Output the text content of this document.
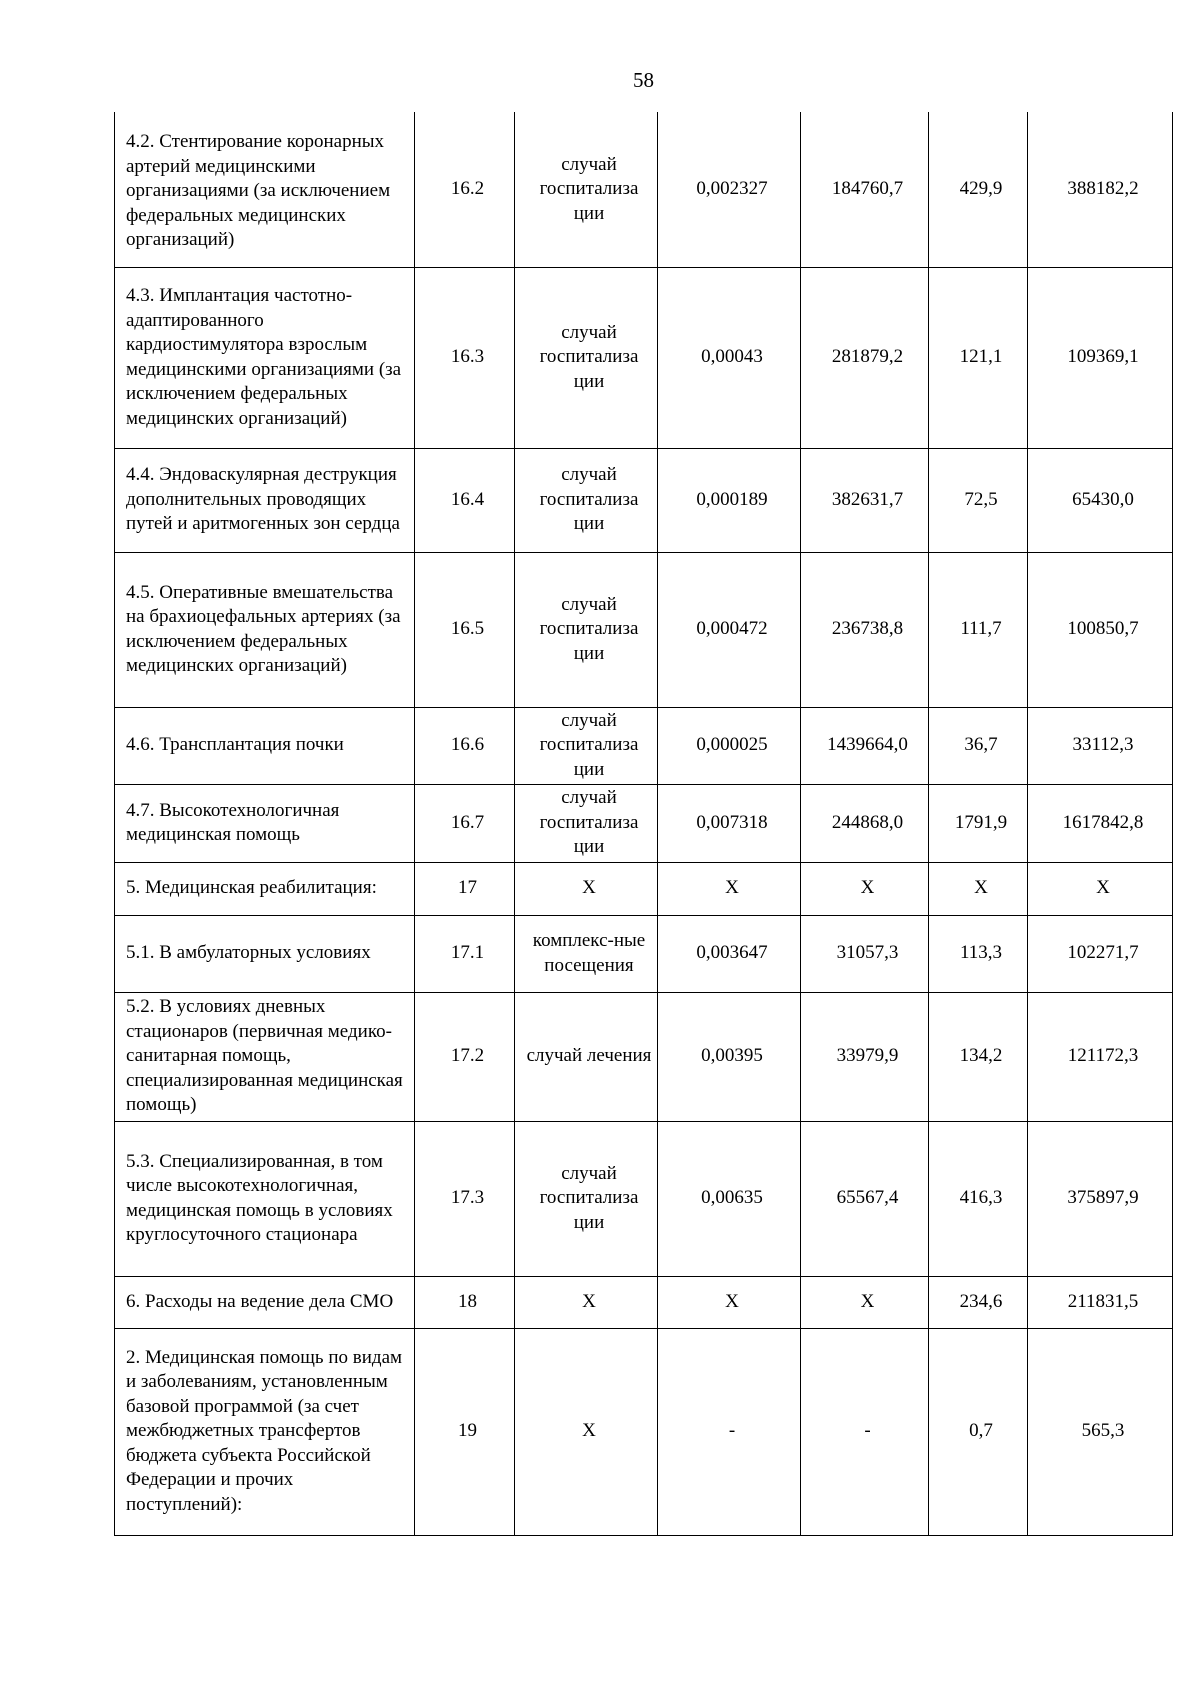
58
4.2. Стентирование коронарных артерий медицинскими организациями (за исключением федеральных медицинских организаций)	16.2	случай госпитализа ции	0,002327	184760,7	429,9	388182,2
4.3. Имплантация частотно-адаптированного кардиостимулятора взрослым медицинскими организациями (за исключением федеральных медицинских организаций)	16.3	случай госпитализа ции	0,00043	281879,2	121,1	109369,1
4.4. Эндоваскулярная деструкция дополнительных проводящих путей и аритмогенных зон сердца	16.4	случай госпитализа ции	0,000189	382631,7	72,5	65430,0
4.5. Оперативные вмешательства на брахиоцефальных артериях (за исключением федеральных медицинских организаций)	16.5	случай госпитализа ции	0,000472	236738,8	111,7	100850,7
4.6. Трансплантация почки	16.6	случай госпитализа ции	0,000025	1439664,0	36,7	33112,3
4.7. Высокотехнологичная медицинская помощь	16.7	случай госпитализа ции	0,007318	244868,0	1791,9	1617842,8
5. Медицинская реабилитация:	17	Х	Х	Х	Х	Х
5.1. В амбулаторных условиях	17.1	комплекс-ные посещения	0,003647	31057,3	113,3	102271,7
5.2. В условиях дневных стационаров (первичная медико-санитарная помощь, специализированная медицинская помощь)	17.2	случай лечения	0,00395	33979,9	134,2	121172,3
5.3. Специализированная, в том числе высокотехнологичная, медицинская помощь в условиях круглосуточного стационара	17.3	случай госпитализа ции	0,00635	65567,4	416,3	375897,9
6. Расходы на ведение дела СМО	18	Х	Х	Х	234,6	211831,5
2. Медицинская помощь по видам и заболеваниям, установленным базовой программой (за счет межбюджетных трансфертов бюджета субъекта Российской Федерации и прочих поступлений):	19	Х	-	-	0,7	565,3
